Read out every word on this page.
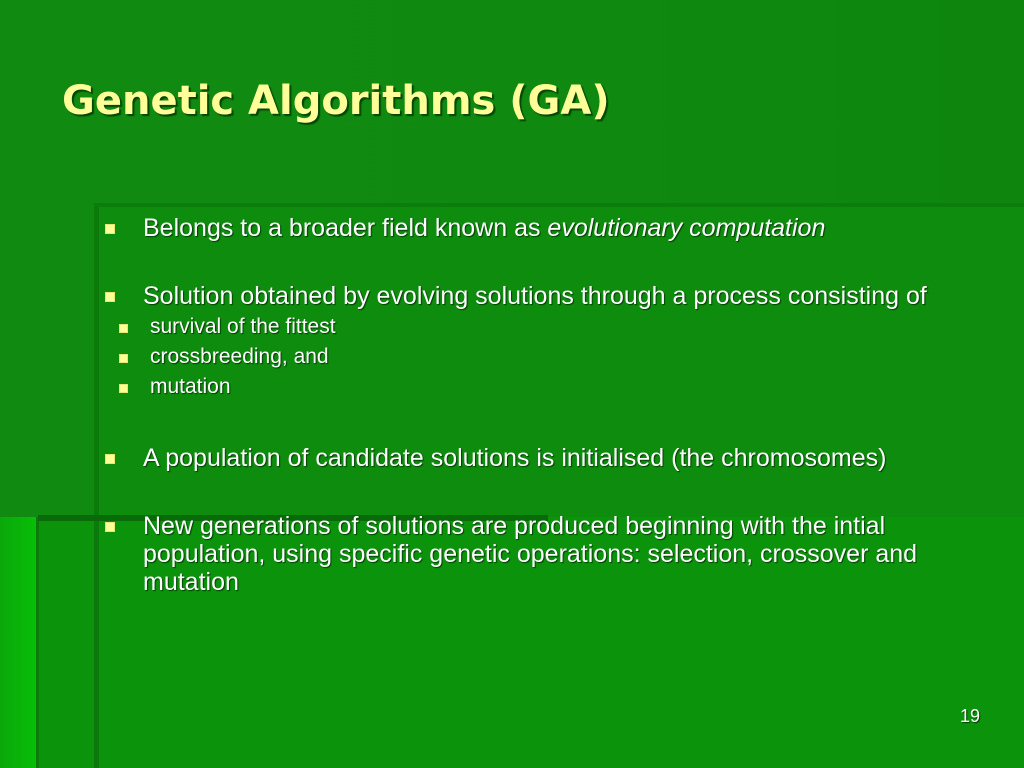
Genetic Algorithms (GA)
Belongs to a broader field known as evolutionary computation
Solution obtained by evolving solutions through a process consisting of
survival of the fittest
crossbreeding, and
mutation
A population of candidate solutions is initialised (the chromosomes)
New generations of solutions are produced beginning with the intial population, using specific genetic operations: selection, crossover and mutation
19
